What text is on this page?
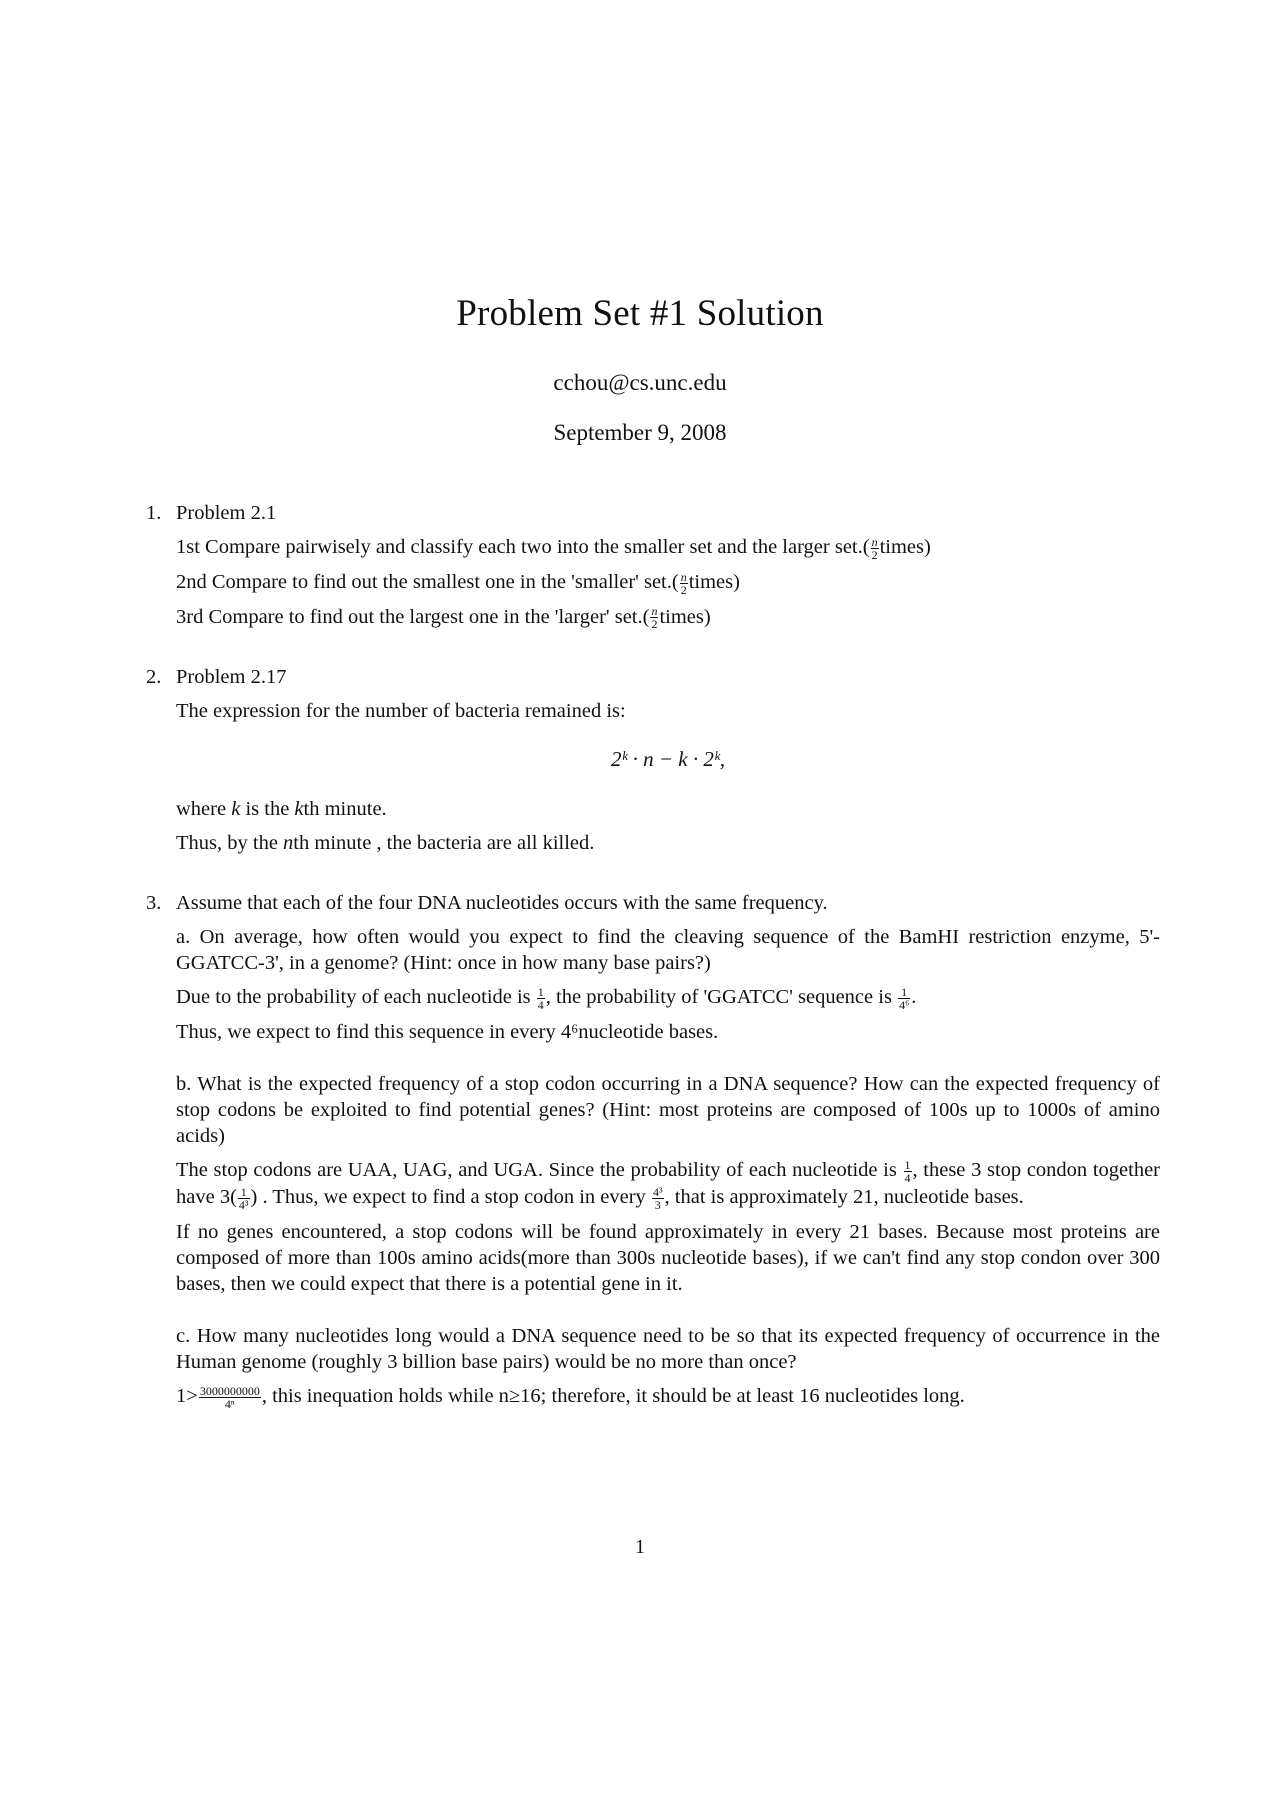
Problem Set #1 Solution
cchou@cs.unc.edu
September 9, 2008
1. Problem 2.1
1st Compare pairwisely and classify each two into the smaller set and the larger $set.( \frac{n}{2}$ times)
2nd Compare to find out the smallest one in the 'smaller' $set.( \frac{n}{2}$ times)
3rd Compare to find out the largest one in the 'larger' $set.( \frac{n}{2}$ times)
2. Problem 2.17
The expression for the number of bacteria remained is:
2ᵏ · n − k · 2ᵏ,
where k is the kth minute.
Thus, by the nth minute , the bacteria are all killed.
3. Assume that each of the four DNA nucleotides occurs with the same frequency.
a. On average, how often would you expect to find the cleaving sequence of the BamHI restriction enzyme, 5'-GGATCC-3', in a genome? (Hint: once in how many base pairs?)
Due to the probability of each nucleotide is $\frac{1}{4}$ , the probability of 'GGATCC' sequence is $\frac{1}{\text{4⁶}}$ .
Thus, we expect to find this sequence in every 4⁶nucleotide bases.
b. What is the expected frequency of a stop codon occurring in a DNA sequence? How can the expected frequency of stop codons be exploited to find potential genes? (Hint: most proteins are composed of 100s up to 1000s of amino acids)
The stop codons are UAA, UAG, and UGA. Since the probability of each nucleotide is $\frac{1}{4}$ , these 3 stop condon together have $3( \frac{1}{\text{4³}}$ ) . Thus, we expect to find a stop codon in every $\frac{\text{4³}}{3}$ , that is approximately 21, nucleotide bases.
If no genes encountered, a stop codons will be found approximately in every 21 bases. Because most proteins are composed of more than 100s amino acids(more than 300s nucleotide bases), if we can't find any stop condon over 300 bases, then we could expect that there is a potential gene in it.
c. How many nucleotides long would a DNA sequence need to be so that its expected frequency of occurrence in the Human genome (roughly 3 billion base pairs) would be no more than once?
$1> \frac{3000000000}{\text{4ⁿ}}$ , this inequation holds while n≥16; therefore, it should be at least 16 nucleotides long.
1
